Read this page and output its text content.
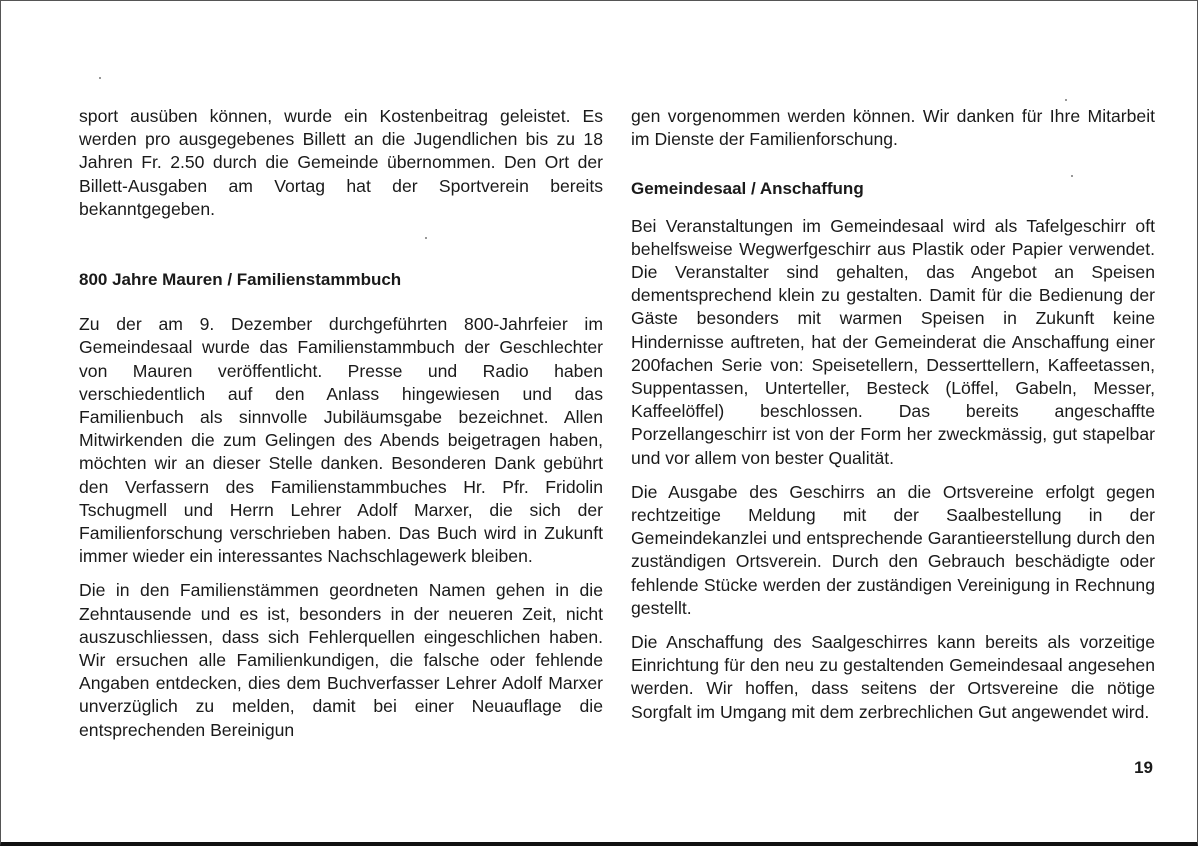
sport ausüben können, wurde ein Kostenbeitrag geleistet. Es werden pro ausgegebenes Billett an die Jugendlichen bis zu 18 Jahren Fr. 2.50 durch die Gemeinde übernommen. Den Ort der Billett-Ausgaben am Vortag hat der Sportverein bereits bekanntgegeben.

800 Jahre Mauren / Familienstammbuch

Zu der am 9. Dezember durchgeführten 800-Jahrfeier im Gemeindesaal wurde das Familienstammbuch der Geschlechter von Mauren veröffentlicht. Presse und Radio haben verschiedentlich auf den Anlass hingewiesen und das Familienbuch als sinnvolle Jubiläumsgabe bezeichnet. Allen Mitwirkenden die zum Gelingen des Abends beigetragen haben, möchten wir an dieser Stelle danken. Besonderen Dank gebührt den Verfassern des Familienstammbuches Hr. Pfr. Fridolin Tschugmell und Herrn Lehrer Adolf Marxer, die sich der Familienforschung verschrieben haben. Das Buch wird in Zukunft immer wieder ein interessantes Nachschlagewerk bleiben.

Die in den Familienstämmen geordneten Namen gehen in die Zehntausende und es ist, besonders in der neueren Zeit, nicht auszuschliessen, dass sich Fehlerquellen eingeschlichen haben. Wir ersuchen alle Familienkundigen, die falsche oder fehlende Angaben entdecken, dies dem Buchverfasser Lehrer Adolf Marxer unverzüglich zu melden, damit bei einer Neuauflage die entsprechenden Bereinigun

gen vorgenommen werden können. Wir danken für Ihre Mitarbeit im Dienste der Familienforschung.

Gemeindesaal / Anschaffung

Bei Veranstaltungen im Gemeindesaal wird als Tafelgeschirr oft behelfsweise Wegwerfgeschirr aus Plastik oder Papier verwendet. Die Veranstalter sind gehalten, das Angebot an Speisen dementsprechend klein zu gestalten. Damit für die Bedienung der Gäste besonders mit warmen Speisen in Zukunft keine Hindernisse auftreten, hat der Gemeinderat die Anschaffung einer 200fachen Serie von: Speisetellern, Desserttellern, Kaffeetassen, Suppentassen, Unterteller, Besteck (Löffel, Gabeln, Messer, Kaffeelöffel) beschlossen. Das bereits angeschaffte Porzellangeschirr ist von der Form her zweckmässig, gut stapelbar und vor allem von bester Qualität.

Die Ausgabe des Geschirrs an die Ortsvereine erfolgt gegen rechtzeitige Meldung mit der Saalbestellung in der Gemeindekanzlei und entsprechende Garantieerstellung durch den zuständigen Ortsverein. Durch den Gebrauch beschädigte oder fehlende Stücke werden der zuständigen Vereinigung in Rechnung gestellt.

Die Anschaffung des Saalgeschirres kann bereits als vorzeitige Einrichtung für den neu zu gestaltenden Gemeindesaal angesehen werden. Wir hoffen, dass seitens der Ortsvereine die nötige Sorgfalt im Umgang mit dem zerbrechlichen Gut angewendet wird.

19
